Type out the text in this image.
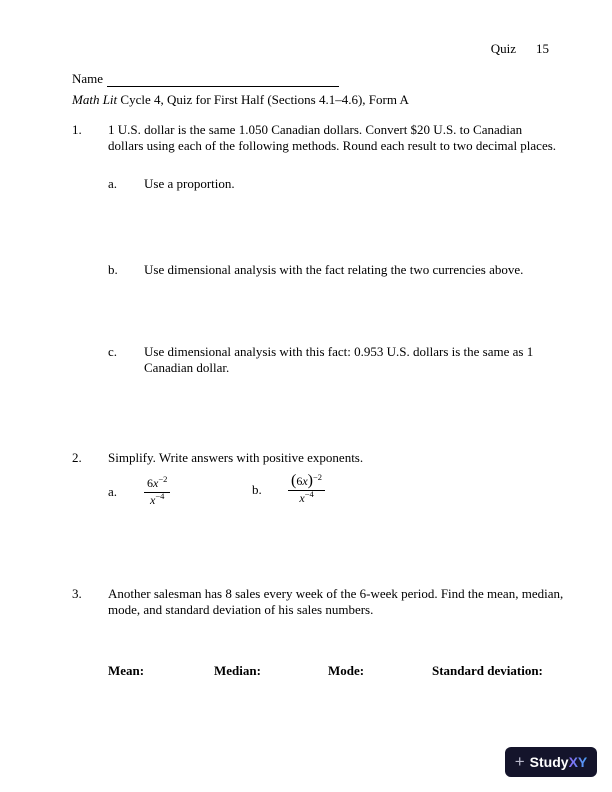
Quiz 15
Name
Math Lit Cycle 4, Quiz for First Half (Sections 4.1–4.6), Form A
1.	1 U.S. dollar is the same 1.050 Canadian dollars. Convert $20 U.S. to Canadian dollars using each of the following methods. Round each result to two decimal places.
a.	Use a proportion.
b.	Use dimensional analysis with the fact relating the two currencies above.
c.	Use dimensional analysis with this fact: 0.953 U.S. dollars is the same as 1 Canadian dollar.
2.	Simplify. Write answers with positive exponents.
a.	$\frac{6x^{-2}}{x^{-4}}$	b.	$\frac{(6x)^{-2}}{x^{-4}}$
3.	Another salesman has 8 sales every week of the 6-week period. Find the mean, median, mode, and standard deviation of his sales numbers.
Mean:	Median:	Mode:	Standard deviation:
+ StudyXY
